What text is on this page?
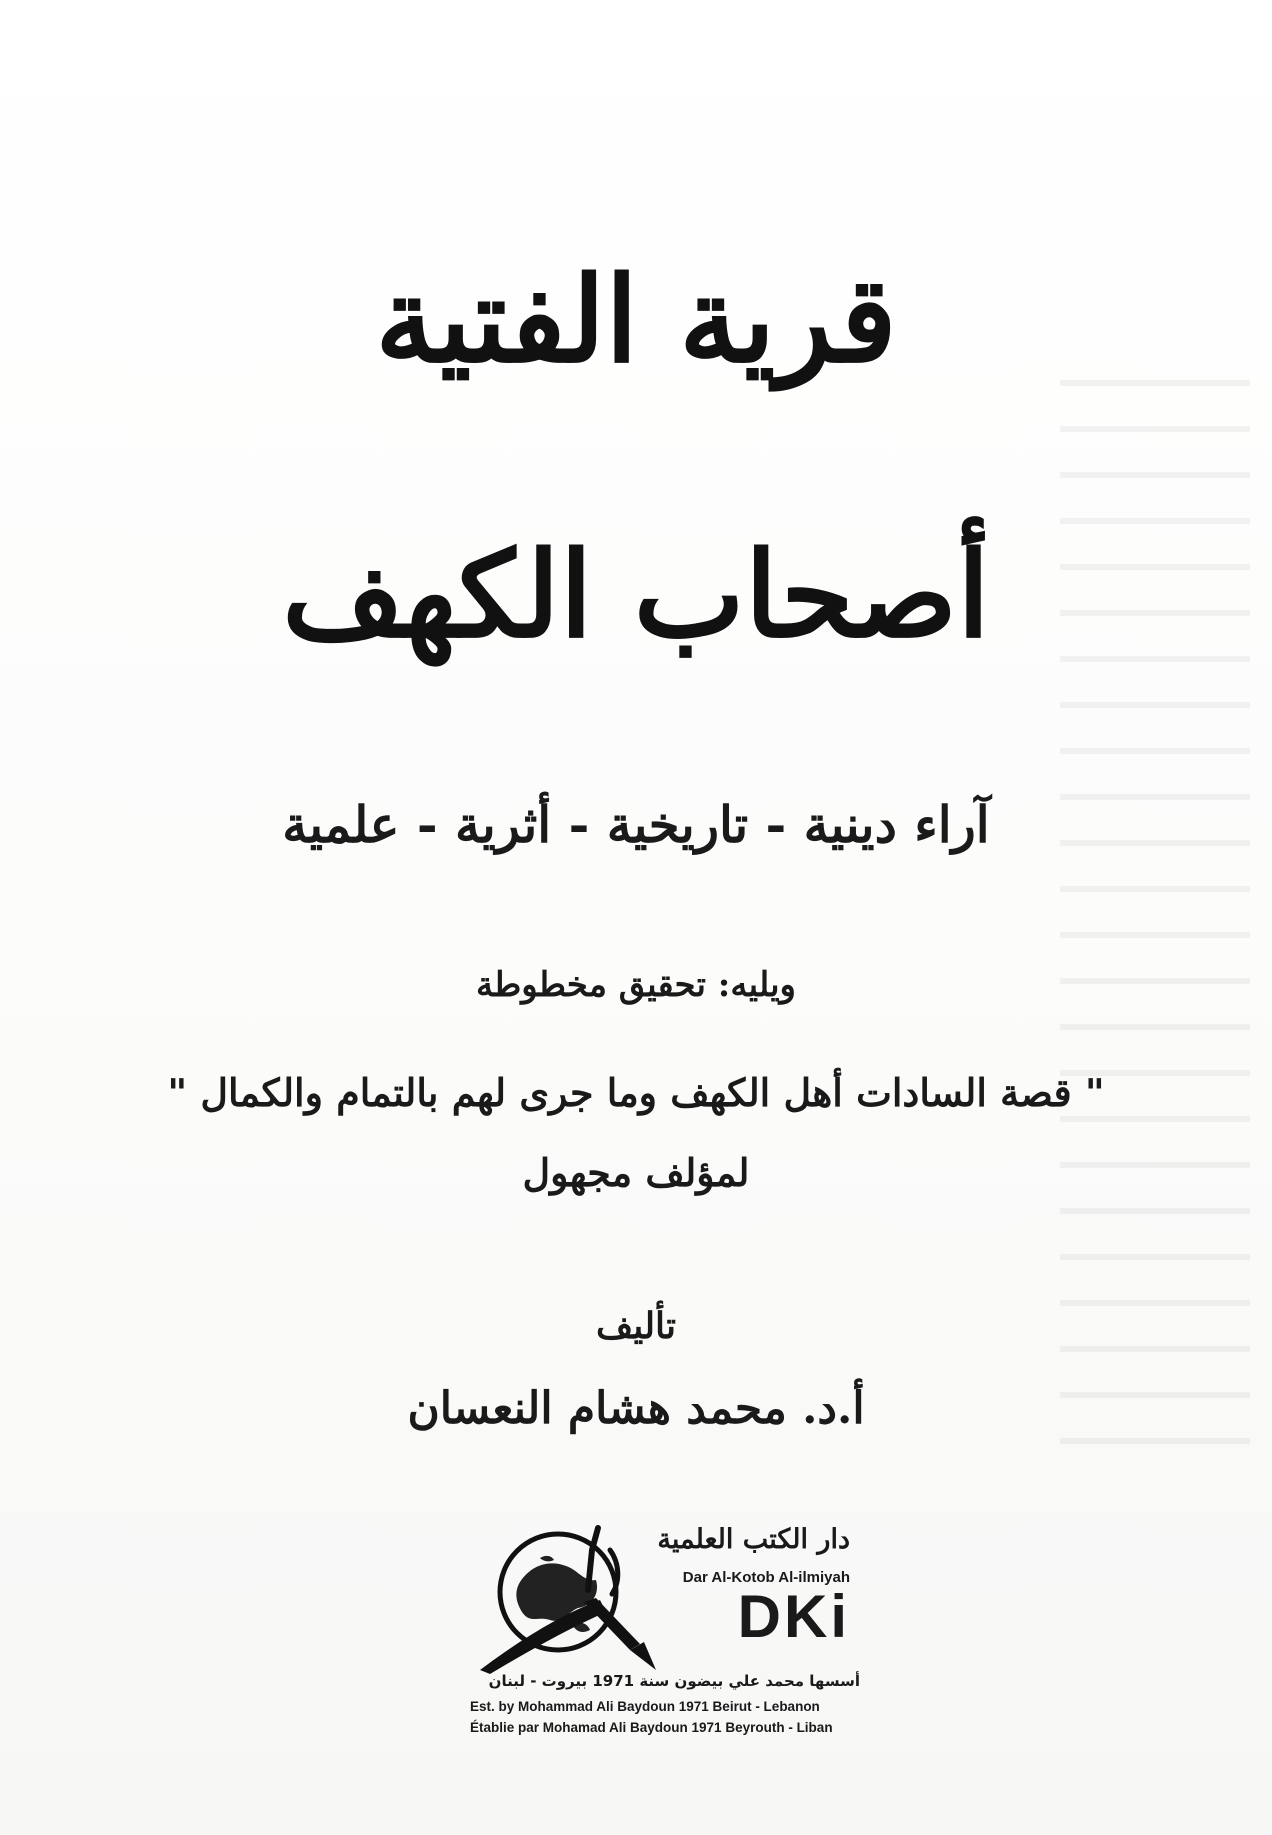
قرية الفتية
أصحاب الكهف
آراء دينية - تاريخية - أثرية - علمية
ويليه: تحقيق مخطوطة
" قصة السادات أهل الكهف وما جرى لهم بالتمام والكمال "
لمؤلف مجهول
تأليف
أ.د. محمد هشام النعسان
دار الكتب العلمية
Dar Al-Kotob Al-ilmiyah
DKi
أسسها محمد علي بيضون سنة 1971 بيروت - لبنان
Est. by Mohammad Ali Baydoun 1971 Beirut - Lebanon
Établie par Mohamad Ali Baydoun 1971 Beyrouth - Liban
